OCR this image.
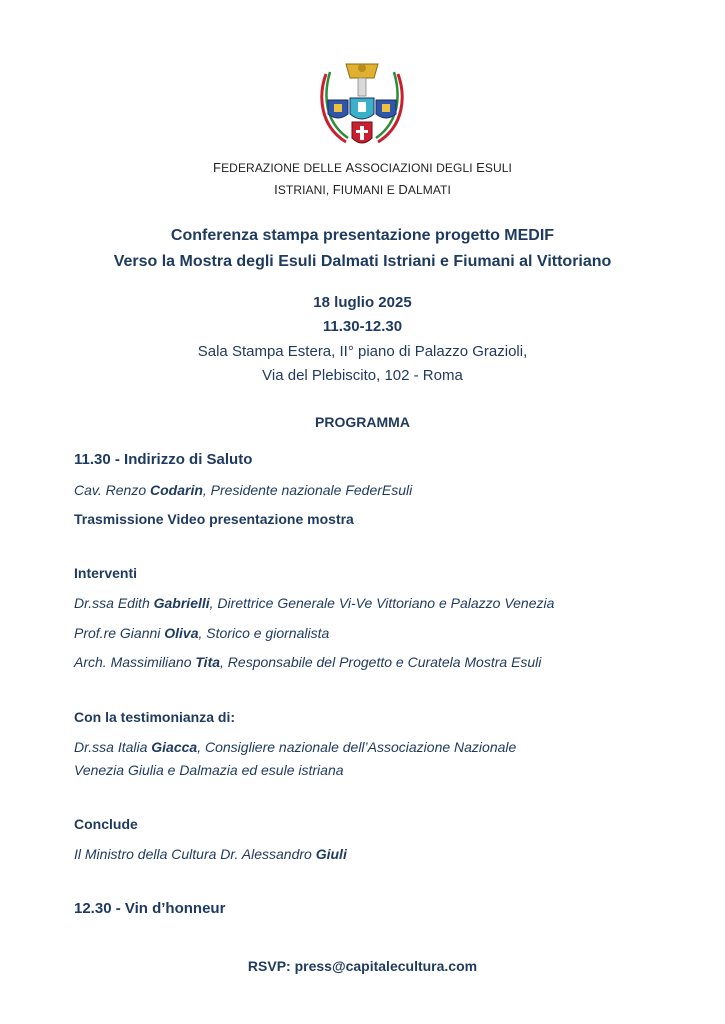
FEDERAZIONE DELLE ASSOCIAZIONI DEGLI ESULI
ISTRIANI, FIUMANI E DALMATI
Conferenza stampa presentazione progetto MEDIF
Verso la Mostra degli Esuli Dalmati Istriani e Fiumani al Vittoriano
18 luglio 2025
11.30-12.30
Sala Stampa Estera, II° piano di Palazzo Grazioli,
Via del Plebiscito, 102 - Roma
PROGRAMMA
11.30 - Indirizzo di Saluto
Cav. Renzo Codarin, Presidente nazionale FederEsuli
Trasmissione Video presentazione mostra
Interventi
Dr.ssa Edith Gabrielli, Direttrice Generale Vi-Ve Vittoriano e Palazzo Venezia
Prof.re Gianni Oliva, Storico e giornalista
Arch. Massimiliano Tita, Responsabile del Progetto e Curatela Mostra Esuli
Con la testimonianza di:
Dr.ssa Italia Giacca, Consigliere nazionale dell’Associazione Nazionale
Venezia Giulia e Dalmazia ed esule istriana
Conclude
Il Ministro della Cultura Dr. Alessandro Giuli
12.30 - Vin d’honneur
RSVP: press@capitalecultura.com
